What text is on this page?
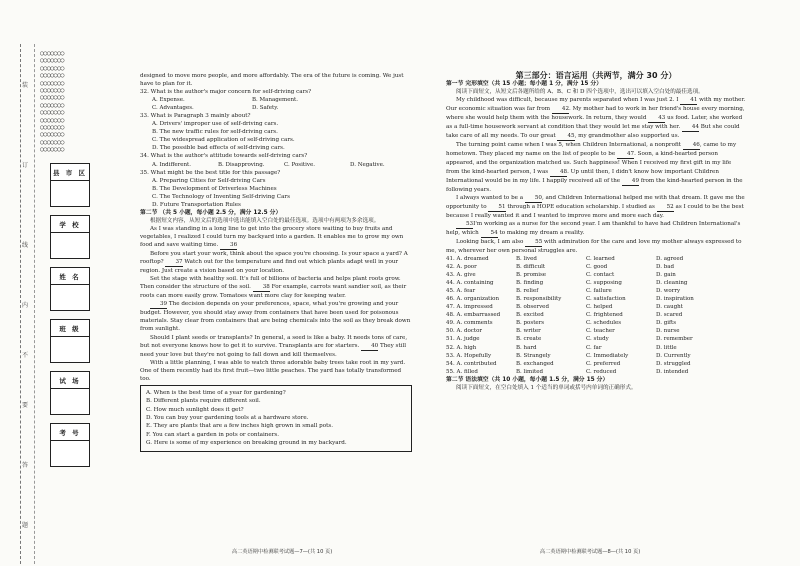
○○○○○○○
○○○○○○○
○○○○○○○
○○○○○○○
○○○○○○○
○○○○○○○
○○○○○○○
○○○○○○○
○○○○○○○
○○○○○○○
○○○○○○○
○○○○○○○
○○○○○○○
○○○○○○○
装
订
线
内
不
要
答
题
县 市 区
学 校
姓 名
班 级
试 场
考 号

designed to move more people, and more affordably. The era of the future is coming. We just have to plan for it.

32. What is the author's major concern for self-driving cars?

A. Expense.	B. Management.
C. Advantages.	D. Safety.

33. What is Paragraph 3 mainly about?

A. Drivers' improper use of self-driving cars.

B. The new traffic rules for self-driving cars.

C. The widespread application of self-driving cars.

D. The possible bad effects of self-driving cars.

34. What is the author's attitude towards self-driving cars?

A. Indifferent.	B. Disapproving.	C. Positive.	D. Negative.

35. What might be the best title for this passage?

A. Preparing Cities for Self-driving Cars

B. The Development of Driverless Machines

C. The Technology of Inventing Self-driving Cars

D. Future Transportation Rules

第二节 （共 5 小题，每小题 2.5 分，满分 12.5 分）

根据短文内容，从短文后的选项中选出能填入空白处的最佳选项。选项中有两项为多余选项。

As I was standing in a long line to get into the grocery store waiting to buy fruits and vegetables, I realized I could turn my backyard into a garden. It enables me to grow my own food and save waiting time. 36

Before you start your work, think about the space you're choosing. Is your space a yard? A rooftop? 37 Watch out for the temperature and find out which plants adapt well in your region. Just create a vision based on your location.

Set the stage with healthy soil. It's full of billions of bacteria and helps plant roots grow. Then consider the structure of the soil. 38 For example, carrots want sandier soil, as their roots can more easily grow. Tomatoes want more clay for keeping water.

39 The decision depends on your preferences, space, what you're growing and your budget. However, you should stay away from containers that have been used for poisonous materials. Stay clear from containers that are being chemicals into the soil as they break down from sunlight.

Should I plant seeds or transplants? In general, a seed is like a baby. It needs tons of care, but not everyone knows how to get it to survive. Transplants are for starters. 40 They still need your love but they're not going to fall down and kill themselves.

With a little planning, I was able to watch three adorable baby trees take root in my yard. One of them recently had its first fruit—two little peaches. The yard has totally transformed too.

A. When is the best time of a year for gardening?

B. Different plants require different soil.

C. How much sunlight does it get?

D. You can buy your gardening tools at a hardware store.

E. They are plants that are a few inches high grown in small pots.

F. You can start a garden in pots or containers.

G. Here is some of my experience on breaking ground in my backyard.

高二英语期中检测联考试题—7—(共 10 页)

第三部分：语言运用（共两节，满分 30 分）

第一节 完形填空（共 15 小题；每小题 1 分，满分 15 分）

阅读下面短文，从短文后各题所给的 A、B、C 和 D 四个选项中，选出可以填入空白处的最佳选项。

My childhood was difficult, because my parents separated when I was just 2. I 41 with my mother. Our economic situation was far from 42. My mother had to work in her friend's house every morning, where she would help them with the housework. In return, they would 43 us food. Later, she worked as a full-time housework servant at condition that they would let me stay with her. 44 But she could take care of all my needs. To our great 45, my grandmother also supported us.

The turning point came when I was 5, when Children International, a nonprofit 46, came to my hometown. They placed my name on the list of people to be 47. Soon, a kind-hearted person appeared, and the organization matched us. Such happiness! When I received my first gift in my life from the kind-hearted person, I was 48. Up until then, I didn't know how important Children International would be in my life. I happily received all of the 49 from the kind-hearted person in the following years.

I always wanted to be a 50, and Children International helped me with that dream. It gave me the opportunity to 51 through a HOPE education scholarship. I studied as 52 as I could to be the best because I really wanted it and I wanted to improve more and more each day.

53I'm working as a nurse for the second year. I am thankful to have had Children International's help, which 54 to making my dream a reality.

Looking back, I am also 55 with admiration for the care and love my mother always expressed to me, wherever her own personal struggles are.

41. A. dreamed	B. lived	C. learned	D. agreed
42. A. poor	B. difficult	C. good	D. bad
43. A. give	B. promise	C. contact	D. gain
44. A. containing	B. finding	C. supposing	D. cleaning
45. A. fear	B. relief	C. failure	D. worry
46. A. organization	B. responsibility	C. satisfaction	D. inspiration
47. A. impressed	B. observed	C. helped	D. caught
48. A. embarrassed	B. excited	C. frightened	D. scared
49. A. comments	B. posters	C. schedules	D. gifts
50. A. doctor	B. writer	C. teacher	D. nurse
51. A. judge	B. create	C. study	D. remember
52. A. high	B. hard	C. far	D. little
53. A. Hopefully	B. Strangely	C. Immediately	D. Currently
54. A. contributed	B. exchanged	C. preferred	D. struggled
55. A. filled	B. limited	C. reduced	D. intended

第二节 语法填空（共 10 小题，每小题 1.5 分，满分 15 分）

阅读下面短文，在空白处填入 1 个适当的单词或括号内单词的正确形式。

高二英语期中检测联考试题—8—(共 10 页)
